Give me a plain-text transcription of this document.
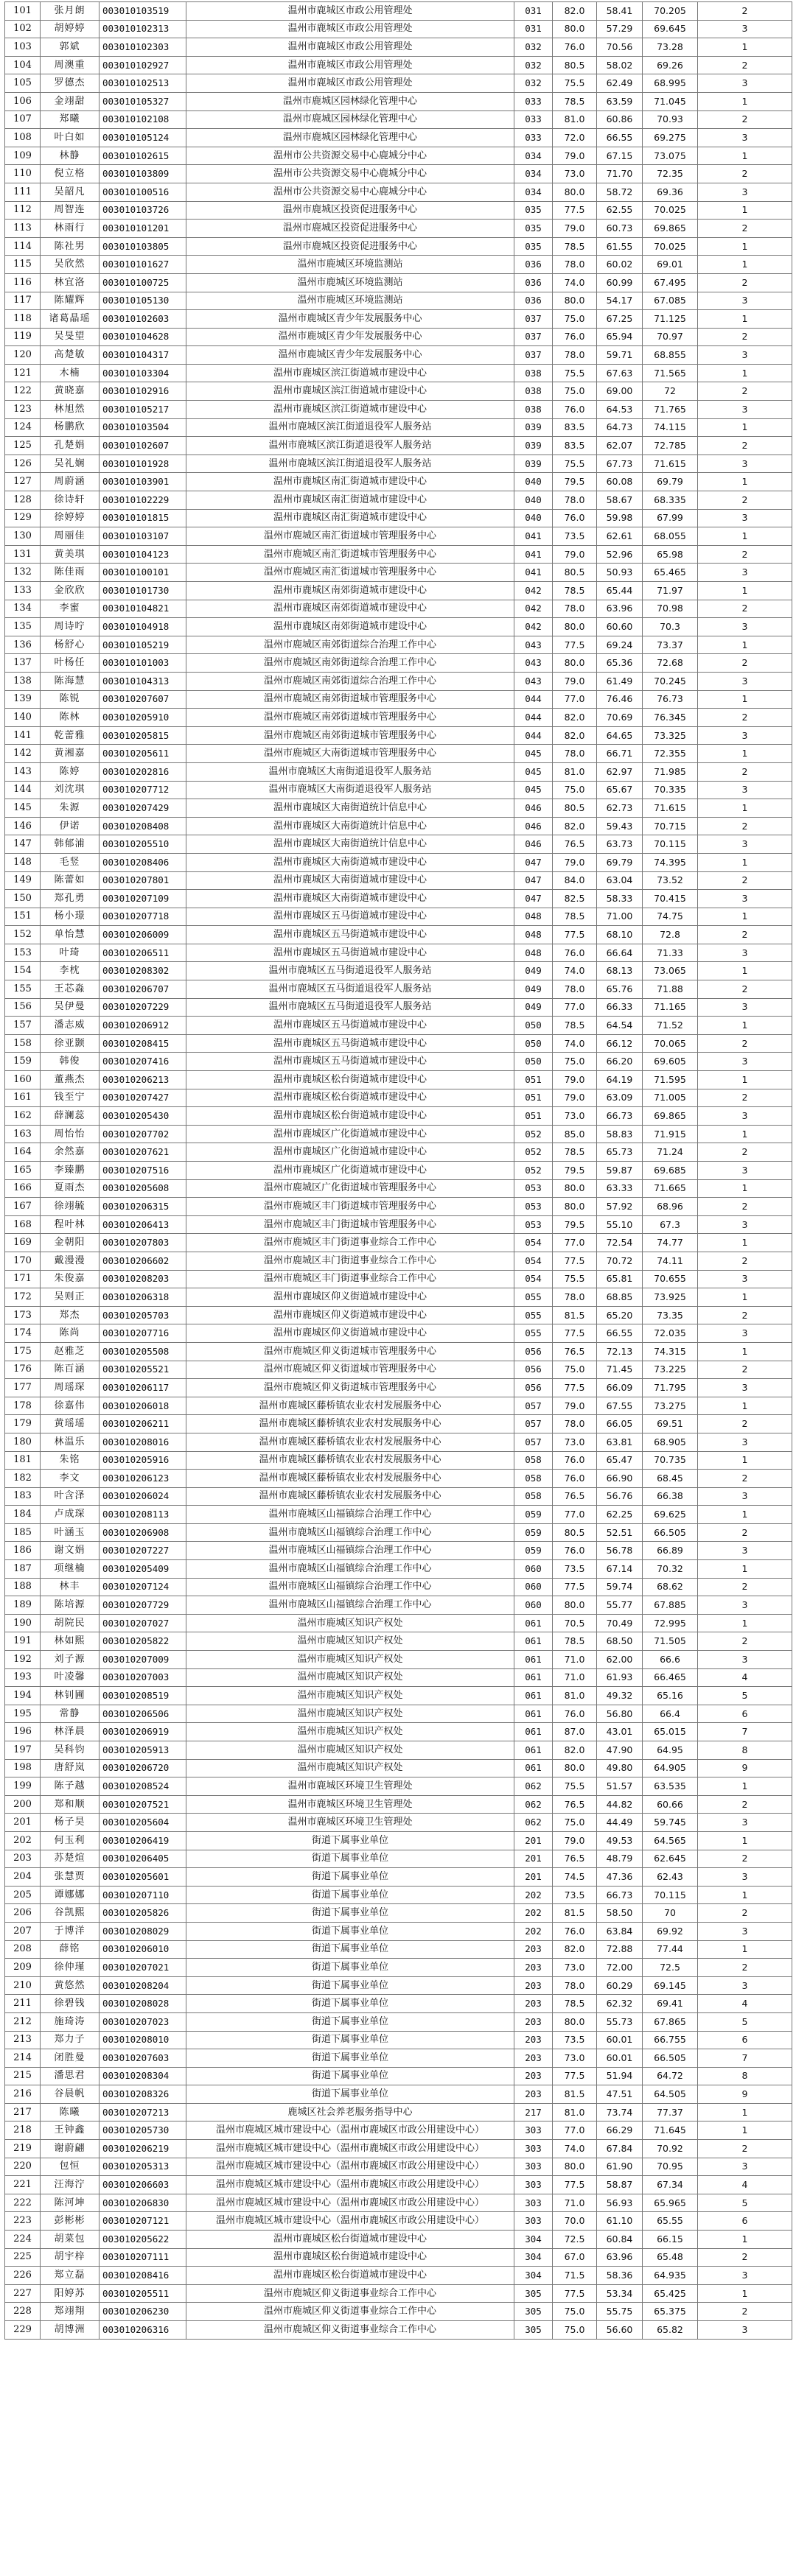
101	张月朗	003010103519	温州市鹿城区市政公用管理处	031	82.0	58.41	70.205	2
102	胡婷婷	003010102313	温州市鹿城区市政公用管理处	031	80.0	57.29	69.645	3
103	郭斌	003010102303	温州市鹿城区市政公用管理处	032	76.0	70.56	73.28	1
104	周澳重	003010102927	温州市鹿城区市政公用管理处	032	80.5	58.02	69.26	2
105	罗德杰	003010102513	温州市鹿城区市政公用管理处	032	75.5	62.49	68.995	3
106	金翊甜	003010105327	温州市鹿城区园林绿化管理中心	033	78.5	63.59	71.045	1
107	郑曦	003010102108	温州市鹿城区园林绿化管理中心	033	81.0	60.86	70.93	2
108	叶白如	003010105124	温州市鹿城区园林绿化管理中心	033	72.0	66.55	69.275	3
109	林静	003010102615	温州市公共资源交易中心鹿城分中心	034	79.0	67.15	73.075	1
110	倪立格	003010103809	温州市公共资源交易中心鹿城分中心	034	73.0	71.70	72.35	2
111	吴韶凡	003010100516	温州市公共资源交易中心鹿城分中心	034	80.0	58.72	69.36	3
112	周智连	003010103726	温州市鹿城区投资促进服务中心	035	77.5	62.55	70.025	1
113	林雨行	003010101201	温州市鹿城区投资促进服务中心	035	79.0	60.73	69.865	2
114	陈社男	003010103805	温州市鹿城区投资促进服务中心	035	78.5	61.55	70.025	1
115	吴欣然	003010101627	温州市鹿城区环境监测站	036	78.0	60.02	69.01	1
116	林宜洛	003010100725	温州市鹿城区环境监测站	036	74.0	60.99	67.495	2
117	陈耀辉	003010105130	温州市鹿城区环境监测站	036	80.0	54.17	67.085	3
118	诸葛晶瑶	003010102603	温州市鹿城区青少年发展服务中心	037	75.0	67.25	71.125	1
119	吴旻望	003010104628	温州市鹿城区青少年发展服务中心	037	76.0	65.94	70.97	2
120	高楚敏	003010104317	温州市鹿城区青少年发展服务中心	037	78.0	59.71	68.855	3
121	木楠	003010103304	温州市鹿城区滨江街道城市建设中心	038	75.5	67.63	71.565	1
122	黄晓嘉	003010102916	温州市鹿城区滨江街道城市建设中心	038	75.0	69.00	72	2
123	林旭然	003010105217	温州市鹿城区滨江街道城市建设中心	038	76.0	64.53	71.765	3
124	杨鹏欣	003010103504	温州市鹿城区滨江街道退役军人服务站	039	83.5	64.73	74.115	1
125	孔楚娟	003010102607	温州市鹿城区滨江街道退役军人服务站	039	83.5	62.07	72.785	2
126	吴礼娴	003010101928	温州市鹿城区滨江街道退役军人服务站	039	75.5	67.73	71.615	3
127	周蔚涵	003010103901	温州市鹿城区南汇街道城市建设中心	040	79.5	60.08	69.79	1
128	徐诗轩	003010102229	温州市鹿城区南汇街道城市建设中心	040	78.0	58.67	68.335	2
129	徐婷婷	003010101815	温州市鹿城区南汇街道城市建设中心	040	76.0	59.98	67.99	3
130	周丽佳	003010103107	温州市鹿城区南汇街道城市管理服务中心	041	73.5	62.61	68.055	1
131	黄美琪	003010104123	温州市鹿城区南汇街道城市管理服务中心	041	79.0	52.96	65.98	2
132	陈佳雨	003010100101	温州市鹿城区南汇街道城市管理服务中心	041	80.5	50.93	65.465	3
133	金欣欣	003010101730	温州市鹿城区南郊街道城市建设中心	042	78.5	65.44	71.97	1
134	李蜜	003010104821	温州市鹿城区南郊街道城市建设中心	042	78.0	63.96	70.98	2
135	周诗咛	003010104918	温州市鹿城区南郊街道城市建设中心	042	80.0	60.60	70.3	3
136	杨舒心	003010105219	温州市鹿城区南郊街道综合治理工作中心	043	77.5	69.24	73.37	1
137	叶杨任	003010101003	温州市鹿城区南郊街道综合治理工作中心	043	80.0	65.36	72.68	2
138	陈海慧	003010104313	温州市鹿城区南郊街道综合治理工作中心	043	79.0	61.49	70.245	3
139	陈锐	003010207607	温州市鹿城区南郊街道城市管理服务中心	044	77.0	76.46	76.73	1
140	陈林	003010205910	温州市鹿城区南郊街道城市管理服务中心	044	82.0	70.69	76.345	2
141	乾蕾雅	003010205815	温州市鹿城区南郊街道城市管理服务中心	044	82.0	64.65	73.325	3
142	黄湘嘉	003010205611	温州市鹿城区大南街道城市管理服务中心	045	78.0	66.71	72.355	1
143	陈婷	003010202816	温州市鹿城区大南街道退役军人服务站	045	81.0	62.97	71.985	2
144	刘沈琪	003010207712	温州市鹿城区大南街道退役军人服务站	045	75.0	65.67	70.335	3
145	朱源	003010207429	温州市鹿城区大南街道统计信息中心	046	80.5	62.73	71.615	1
146	伊诺	003010208408	温州市鹿城区大南街道统计信息中心	046	82.0	59.43	70.715	2
147	韩郁浦	003010205510	温州市鹿城区大南街道统计信息中心	046	76.5	63.73	70.115	3
148	毛竖	003010208406	温州市鹿城区大南街道城市建设中心	047	79.0	69.79	74.395	1
149	陈蕾如	003010207801	温州市鹿城区大南街道城市建设中心	047	84.0	63.04	73.52	2
150	郑孔勇	003010207109	温州市鹿城区大南街道城市建设中心	047	82.5	58.33	70.415	3
151	杨小璟	003010207718	温州市鹿城区五马街道城市建设中心	048	78.5	71.00	74.75	1
152	单怡慧	003010206009	温州市鹿城区五马街道城市建设中心	048	77.5	68.10	72.8	2
153	叶琦	003010206511	温州市鹿城区五马街道城市建设中心	048	76.0	66.64	71.33	3
154	李枕	003010208302	温州市鹿城区五马街道退役军人服务站	049	74.0	68.13	73.065	1
155	王芯淼	003010206707	温州市鹿城区五马街道退役军人服务站	049	78.0	65.76	71.88	2
156	吴伊曼	003010207229	温州市鹿城区五马街道退役军人服务站	049	77.0	66.33	71.165	3
157	潘志威	003010206912	温州市鹿城区五马街道城市建设中心	050	78.5	64.54	71.52	1
158	徐亚颢	003010208415	温州市鹿城区五马街道城市建设中心	050	74.0	66.12	70.065	2
159	韩俊	003010207416	温州市鹿城区五马街道城市建设中心	050	75.0	66.20	69.605	3
160	董燕杰	003010206213	温州市鹿城区松台街道城市建设中心	051	79.0	64.19	71.595	1
161	钱至宁	003010207427	温州市鹿城区松台街道城市建设中心	051	79.0	63.09	71.005	2
162	薛澜蕊	003010205430	温州市鹿城区松台街道城市建设中心	051	73.0	66.73	69.865	3
163	周怡怡	003010207702	温州市鹿城区广化街道城市建设中心	052	85.0	58.83	71.915	1
164	余然嘉	003010207621	温州市鹿城区广化街道城市建设中心	052	78.5	65.73	71.24	2
165	李臻鹏	003010207516	温州市鹿城区广化街道城市建设中心	052	79.5	59.87	69.685	3
166	夏雨杰	003010205608	温州市鹿城区广化街道城市管理服务中心	053	80.0	63.33	71.665	1
167	徐翊毓	003010206315	温州市鹿城区丰门街道城市管理服务中心	053	80.0	57.92	68.96	2
168	程叶林	003010206413	温州市鹿城区丰门街道城市管理服务中心	053	79.5	55.10	67.3	3
169	金朝阳	003010207803	温州市鹿城区丰门街道事业综合工作中心	054	77.0	72.54	74.77	1
170	戴漫漫	003010206602	温州市鹿城区丰门街道事业综合工作中心	054	77.5	70.72	74.11	2
171	朱俊嘉	003010208203	温州市鹿城区丰门街道事业综合工作中心	054	75.5	65.81	70.655	3
172	吴则正	003010206318	温州市鹿城区仰义街道城市建设中心	055	78.0	68.85	73.925	1
173	郑杰	003010205703	温州市鹿城区仰义街道城市建设中心	055	81.5	65.20	73.35	2
174	陈尚	003010207716	温州市鹿城区仰义街道城市建设中心	055	77.5	66.55	72.035	3
175	赵雅芝	003010205508	温州市鹿城区仰义街道城市管理服务中心	056	76.5	72.13	74.315	1
176	陈百涵	003010205521	温州市鹿城区仰义街道城市管理服务中心	056	75.0	71.45	73.225	2
177	周瑶琛	003010206117	温州市鹿城区仰义街道城市管理服务中心	056	77.5	66.09	71.795	3
178	徐嘉伟	003010206018	温州市鹿城区藤桥镇农业农村发展服务中心	057	79.0	67.55	73.275	1
179	黄瑶瑶	003010206211	温州市鹿城区藤桥镇农业农村发展服务中心	057	78.0	66.05	69.51	2
180	林温乐	003010208016	温州市鹿城区藤桥镇农业农村发展服务中心	057	73.0	63.81	68.905	3
181	朱铭	003010205916	温州市鹿城区藤桥镇农业农村发展服务中心	058	76.0	65.47	70.735	1
182	李文	003010206123	温州市鹿城区藤桥镇农业农村发展服务中心	058	76.0	66.90	68.45	2
183	叶含泽	003010206024	温州市鹿城区藤桥镇农业农村发展服务中心	058	76.5	56.76	66.38	3
184	卢成琛	003010208113	温州市鹿城区山福镇综合治理工作中心	059	77.0	62.25	69.625	1
185	叶涵玉	003010206908	温州市鹿城区山福镇综合治理工作中心	059	80.5	52.51	66.505	2
186	谢文娟	003010207227	温州市鹿城区山福镇综合治理工作中心	059	76.0	56.78	66.89	3
187	项继楠	003010205409	温州市鹿城区山福镇综合治理工作中心	060	73.5	67.14	70.32	1
188	林丰	003010207124	温州市鹿城区山福镇综合治理工作中心	060	77.5	59.74	68.62	2
189	陈培源	003010207729	温州市鹿城区山福镇综合治理工作中心	060	80.0	55.77	67.885	3
190	胡院民	003010207027	温州市鹿城区知识产权处	061	70.5	70.49	72.995	1
191	林如熙	003010205822	温州市鹿城区知识产权处	061	78.5	68.50	71.505	2
192	刘子源	003010207009	温州市鹿城区知识产权处	061	71.0	62.00	66.6	3
193	叶凌馨	003010207003	温州市鹿城区知识产权处	061	71.0	61.93	66.465	4
194	林钊圃	003010208519	温州市鹿城区知识产权处	061	81.0	49.32	65.16	5
195	常静	003010206506	温州市鹿城区知识产权处	061	76.0	56.80	66.4	6
196	林泽晨	003010206919	温州市鹿城区知识产权处	061	87.0	43.01	65.015	7
197	吴科钧	003010205913	温州市鹿城区知识产权处	061	82.0	47.90	64.95	8
198	唐舒岚	003010206720	温州市鹿城区知识产权处	061	80.0	49.80	64.905	9
199	陈子越	003010208524	温州市鹿城区环境卫生管理处	062	75.5	51.57	63.535	1
200	郑和顺	003010207521	温州市鹿城区环境卫生管理处	062	76.5	44.82	60.66	2
201	杨子昊	003010205604	温州市鹿城区环境卫生管理处	062	75.0	44.49	59.745	3
202	何玉利	003010206419	街道下属事业单位	201	79.0	49.53	64.565	1
203	苏楚煊	003010206405	街道下属事业单位	201	76.5	48.79	62.645	2
204	张慧贾	003010205601	街道下属事业单位	201	74.5	47.36	62.43	3
205	谭娜娜	003010207110	街道下属事业单位	202	73.5	66.73	70.115	1
206	谷凯熙	003010205826	街道下属事业单位	202	81.5	58.50	70	2
207	于博洋	003010208029	街道下属事业单位	202	76.0	63.84	69.92	3
208	薛铭	003010206010	街道下属事业单位	203	82.0	72.88	77.44	1
209	徐仲瑾	003010207021	街道下属事业单位	203	73.0	72.00	72.5	2
210	黄悠然	003010208204	街道下属事业单位	203	78.0	60.29	69.145	3
211	徐碧钱	003010208028	街道下属事业单位	203	78.5	62.32	69.41	4
212	施琦涛	003010207023	街道下属事业单位	203	80.0	55.73	67.865	5
213	郑力子	003010208010	街道下属事业单位	203	73.5	60.01	66.755	6
214	闭胜曼	003010207603	街道下属事业单位	203	73.0	60.01	66.505	7
215	潘思君	003010208304	街道下属事业单位	203	77.5	51.94	64.72	8
216	谷晨帆	003010208326	街道下属事业单位	203	81.5	47.51	64.505	9
217	陈曦	003010207213	鹿城区社会养老服务指导中心	217	81.0	73.74	77.37	1
218	王钟鑫	003010205730	温州市鹿城区城市建设中心（温州市鹿城区市政公用建设中心）	303	77.0	66.29	71.645	1
219	谢蔚翩	003010206219	温州市鹿城区城市建设中心（温州市鹿城区市政公用建设中心）	303	74.0	67.84	70.92	2
220	包恒	003010205313	温州市鹿城区城市建设中心（温州市鹿城区市政公用建设中心）	303	80.0	61.90	70.95	3
221	汪海泞	003010206603	温州市鹿城区城市建设中心（温州市鹿城区市政公用建设中心）	303	77.5	58.87	67.34	4
222	陈河坤	003010206830	温州市鹿城区城市建设中心（温州市鹿城区市政公用建设中心）	303	71.0	56.93	65.965	5
223	彭彬彬	003010207121	温州市鹿城区城市建设中心（温州市鹿城区市政公用建设中心）	303	70.0	61.10	65.55	6
224	胡菜包	003010205622	温州市鹿城区松台街道城市建设中心	304	72.5	60.84	66.15	1
225	胡宇梓	003010207111	温州市鹿城区松台街道城市建设中心	304	67.0	63.96	65.48	2
226	郑立磊	003010208416	温州市鹿城区松台街道城市建设中心	304	71.5	58.36	64.935	3
227	阳婷苏	003010205511	温州市鹿城区仰义街道事业综合工作中心	305	77.5	53.34	65.425	1
228	郑翊翔	003010206230	温州市鹿城区仰义街道事业综合工作中心	305	75.0	55.75	65.375	2
229	胡博洲	003010206316	温州市鹿城区仰义街道事业综合工作中心	305	75.0	56.60	65.82	3
